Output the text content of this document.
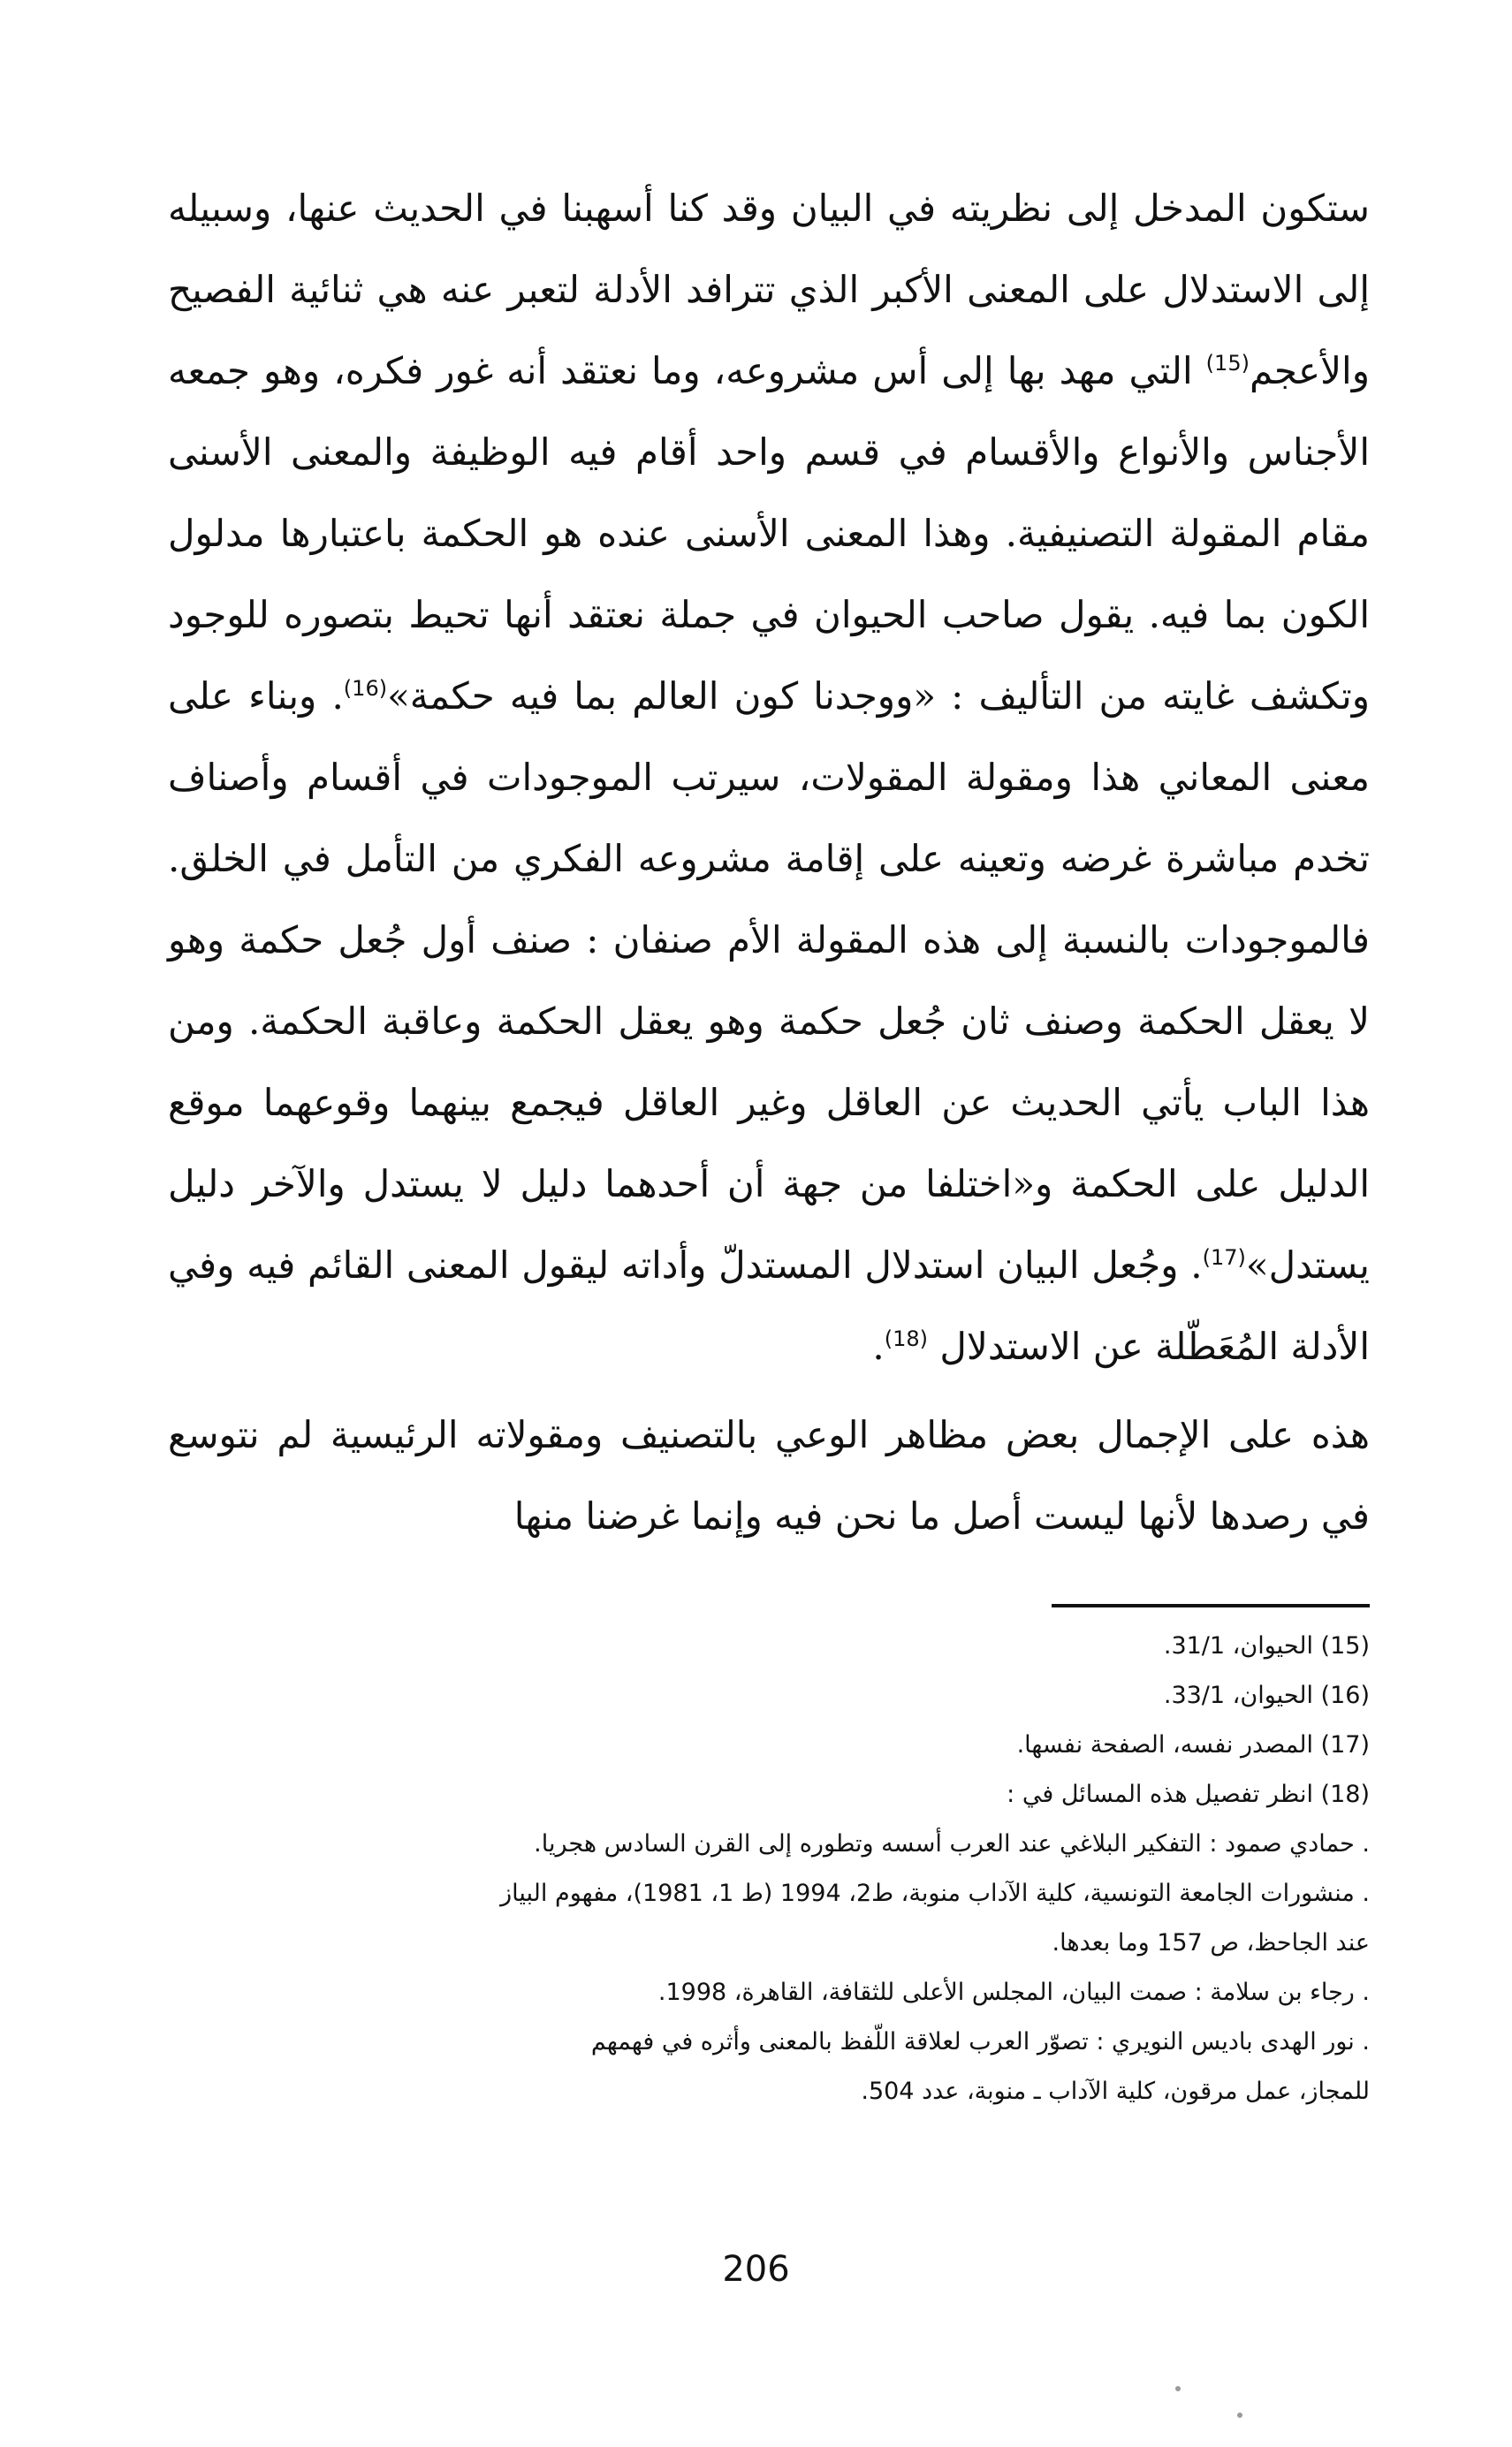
ستكون المدخل إلى نظريته في البيان وقد كنا أسهبنا في الحديث عنها، وسبيله إلى الاستدلال على المعنى الأكبر الذي تترافد الأدلة لتعبر عنه هي ثنائية الفصيح والأعجم$^{(15)}$ التي مهد بها إلى أس مشروعه، وما نعتقد أنه غور فكره، وهو جمعه الأجناس والأنواع والأقسام في قسم واحد أقام فيه الوظيفة والمعنى الأسنى مقام المقولة التصنيفية. وهذا المعنى الأسنى عنده هو الحكمة باعتبارها مدلول الكون بما فيه. يقول صاحب الحيوان في جملة نعتقد أنها تحيط بتصوره للوجود وتكشف غايته من التأليف : «ووجدنا كون العالم بما فيه حكمة»$^{(16)}$. وبناء على معنى المعاني هذا ومقولة المقولات، سيرتب الموجودات في أقسام وأصناف تخدم مباشرة غرضه وتعينه على إقامة مشروعه الفكري من التأمل في الخلق. فالموجودات بالنسبة إلى هذه المقولة الأم صنفان : صنف أول جُعل حكمة وهو لا يعقل الحكمة وصنف ثان جُعل حكمة وهو يعقل الحكمة وعاقبة الحكمة. ومن هذا الباب يأتي الحديث عن العاقل وغير العاقل فيجمع بينهما وقوعهما موقع الدليل على الحكمة و«اختلفا من جهة أن أحدهما دليل لا يستدل والآخر دليل يستدل»$^{(17)}$. وجُعل البيان استدلال المستدلّ وأداته ليقول المعنى القائم فيه وفي الأدلة المُعَطّلة عن الاستدلال $^{(18)}$.

هذه على الإجمال بعض مظاهر الوعي بالتصنيف ومقولاته الرئيسية لم نتوسع في رصدها لأنها ليست أصل ما نحن فيه وإنما غرضنا منها

(15) الحيوان، 31/1.

(16) الحيوان، 33/1.

(17) المصدر نفسه، الصفحة نفسها.

(18) انظر تفصيل هذه المسائل في :

. حمادي صمود : التفكير البلاغي عند العرب أسسه وتطوره إلى القرن السادس هجريا.

. منشورات الجامعة التونسية، كلية الآداب منوبة، ط2، 1994 (ط 1، 1981)، مفهوم البياز

عند الجاحظ، ص 157 وما بعدها.

. رجاء بن سلامة : صمت البيان، المجلس الأعلى للثقافة، القاهرة، 1998.

. نور الهدى باديس النويري : تصوّر العرب لعلاقة اللّفظ بالمعنى وأثره في فهمهم

للمجاز، عمل مرقون، كلية الآداب ـ منوبة، عدد 504.

206
